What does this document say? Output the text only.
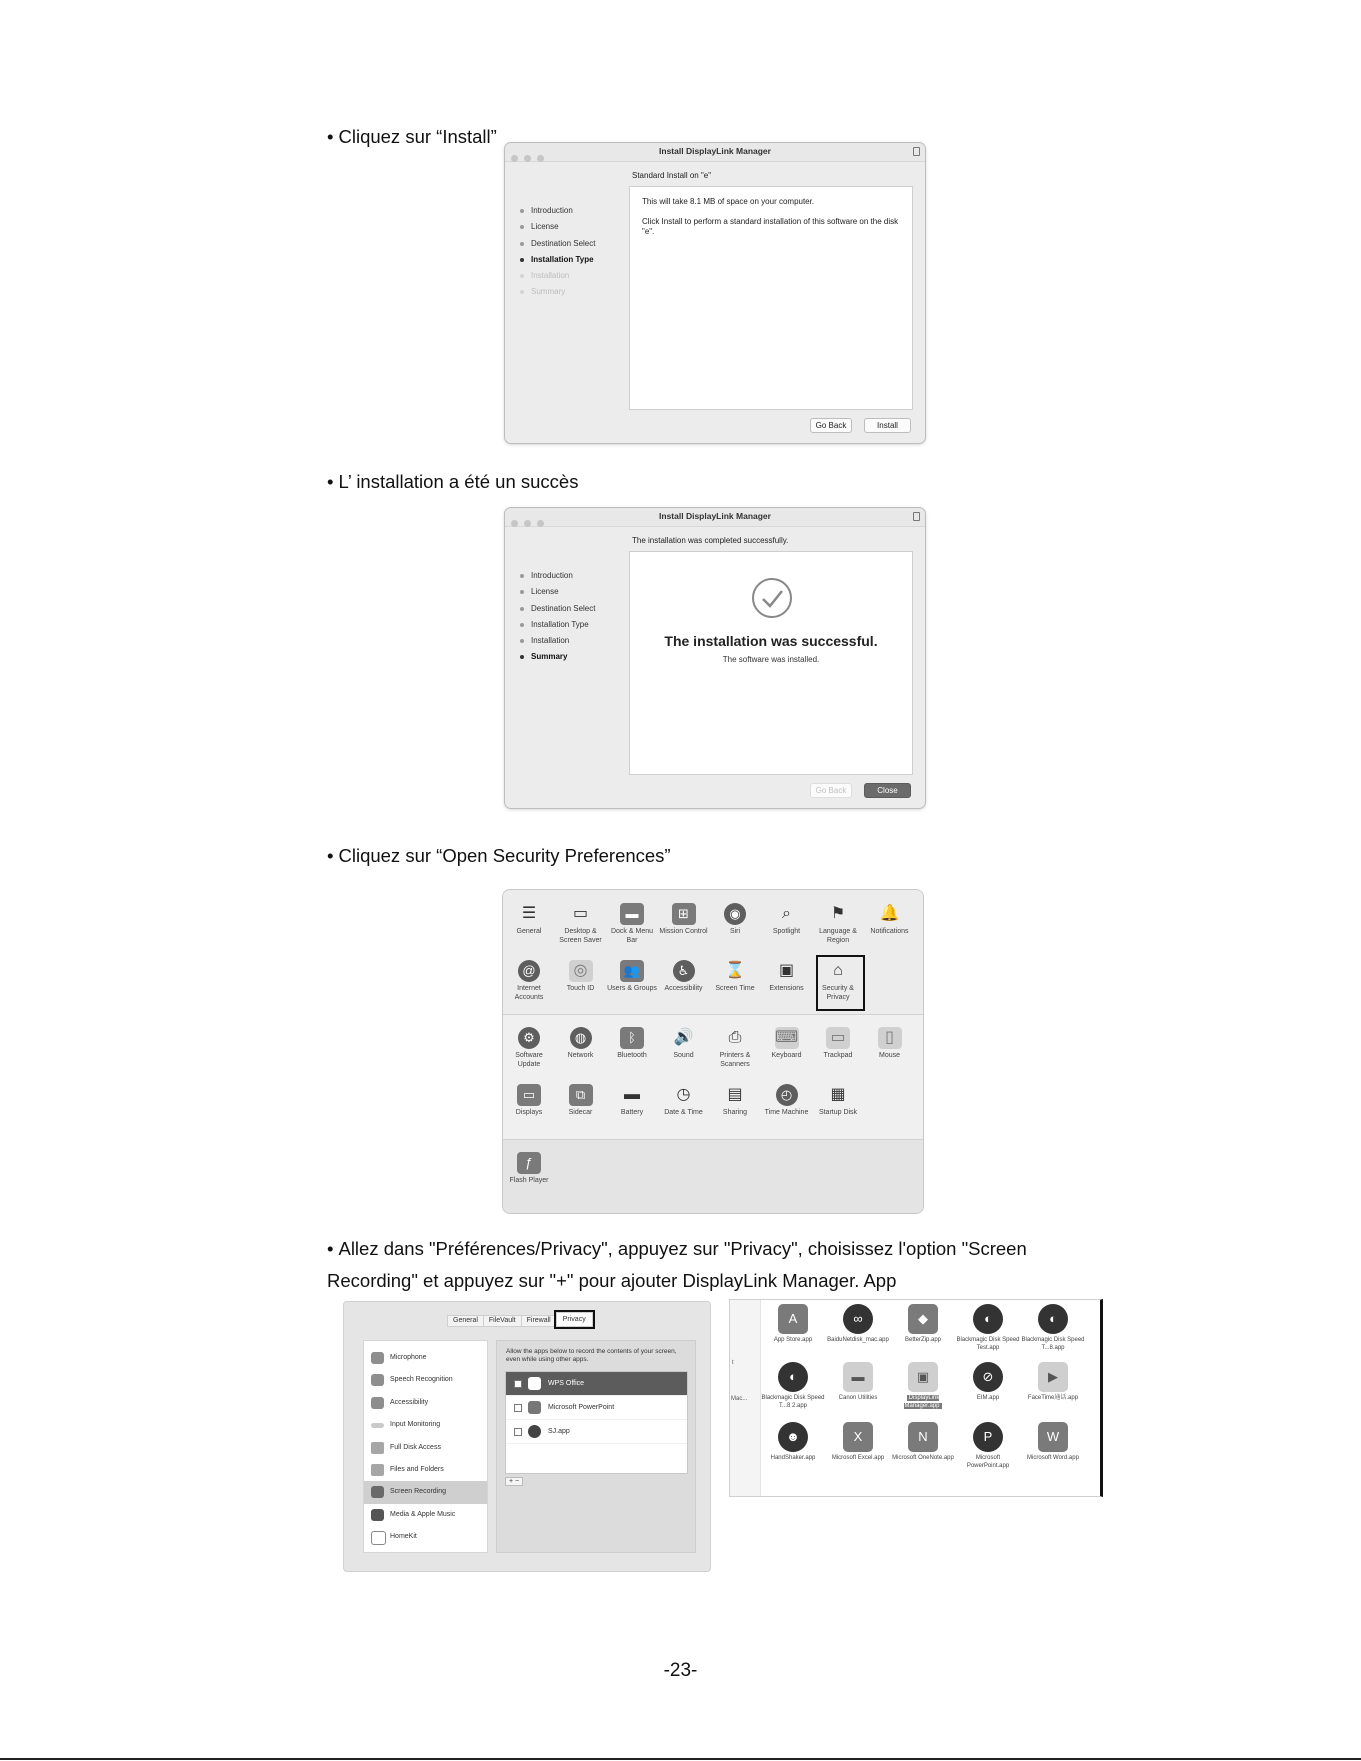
• Cliquez sur “Install”
Install DisplayLink Manager
Standard Install on "e"
Introduction
License
Destination Select
Installation Type
Installation
Summary
This will take 8.1 MB of space on your computer.
Click Install to perform a standard installation of this software on the disk "e".
Go Back	Install
• L’ installation a été un succès
Install DisplayLink Manager
The installation was completed successfully.
Introduction
License
Destination Select
Installation Type
Installation
Summary
The installation was successful.
The software was installed.
Go Back	Close
• Cliquez sur “Open Security Preferences”
☰
General
▭
Desktop & Screen Saver
▬
Dock & Menu Bar
⊞
Mission Control
◉
Siri
⌕
Spotlight
⚑
Language & Region
🔔
Notifications
@
Internet Accounts
◎
Touch ID
👥
Users & Groups
♿
Accessibility
⌛
Screen Time
▣
Extensions
⌂
Security & Privacy
⚙
Software Update
◍
Network
ᛒ
Bluetooth
🔊
Sound
⎙
Printers & Scanners
⌨
Keyboard
▭
Trackpad
▯
Mouse
▭
Displays
⧉
Sidecar
▬
Battery
◷
Date & Time
▤
Sharing
◴
Time Machine
▦
Startup Disk
ƒ
Flash Player
• Allez dans "Préférences/Privacy", appuyez sur "Privacy", choisissez l'option "Screen
Recording" et appuyez sur "+" pour ajouter DisplayLink Manager. App
General	FileVault	Firewall	Privacy
Microphone
Speech Recognition
Accessibility
Input Monitoring
Full Disk Access
Files and Folders
Screen Recording
Media & Apple Music
HomeKit
Allow the apps below to record the contents of your screen, even while using other apps.
WPS Office
Microsoft PowerPoint
SJ.app
+ −
t
Mac...
A
App Store.app
∞
BaiduNetdisk_mac.app
◆
BetterZip.app
◐
Blackmagic Disk Speed Test.app
◐
Blackmagic Disk Speed T...8.app
◐
Blackmagic Disk Speed T...8 2.app
▬
Canon Utilities
▣
DisplayLink Manager.app
⊘
EIM.app
▶
FaceTime通话.app
☻
HandShaker.app
X
Microsoft Excel.app
N
Microsoft OneNote.app
P
Microsoft PowerPoint.app
W
Microsoft Word.app
-23-
